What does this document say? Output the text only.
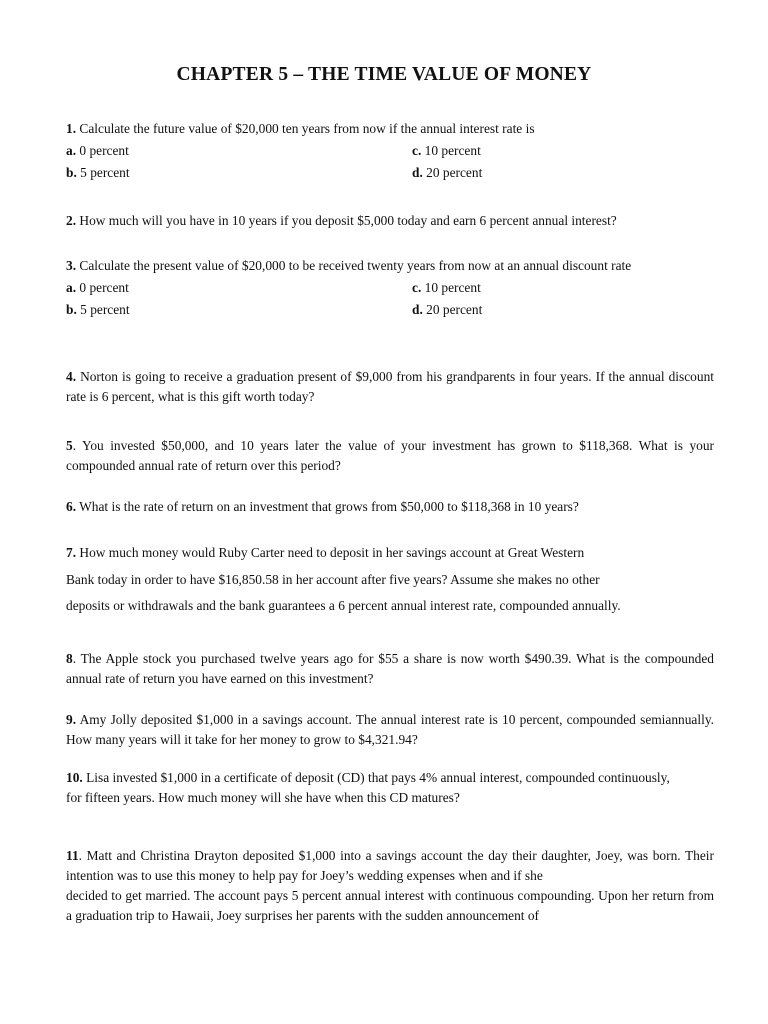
CHAPTER 5 – THE TIME VALUE OF MONEY
1. Calculate the future value of $20,000 ten years from now if the annual interest rate is
a. 0 percent	c. 10 percent
b. 5 percent	d. 20 percent
2. How much will you have in 10 years if you deposit $5,000 today and earn 6 percent annual interest?
3. Calculate the present value of $20,000 to be received twenty years from now at an annual discount rate
a. 0 percent	c. 10 percent
b. 5 percent	d. 20 percent
4. Norton is going to receive a graduation present of $9,000 from his grandparents in four years. If the annual discount rate is 6 percent, what is this gift worth today?
5. You invested $50,000, and 10 years later the value of your investment has grown to $118,368. What is your compounded annual rate of return over this period?
6. What is the rate of return on an investment that grows from $50,000 to $118,368 in 10 years?
7. How much money would Ruby Carter need to deposit in her savings account at Great Western
Bank today in order to have $16,850.58 in her account after five years? Assume she makes no other
deposits or withdrawals and the bank guarantees a 6 percent annual interest rate, compounded annually.
8. The Apple stock you purchased twelve years ago for $55 a share is now worth $490.39. What is the compounded annual rate of return you have earned on this investment?
9. Amy Jolly deposited $1,000 in a savings account. The annual interest rate is 10 percent, compounded semiannually. How many years will it take for her money to grow to $4,321.94?
10. Lisa invested $1,000 in a certificate of deposit (CD) that pays 4% annual interest, compounded continuously,
for fifteen years. How much money will she have when this CD matures?
11. Matt and Christina Drayton deposited $1,000 into a savings account the day their daughter, Joey, was born. Their intention was to use this money to help pay for Joey’s wedding expenses when and if she
decided to get married. The account pays 5 percent annual interest with continuous compounding. Upon her return from a graduation trip to Hawaii, Joey surprises her parents with the sudden announcement of
